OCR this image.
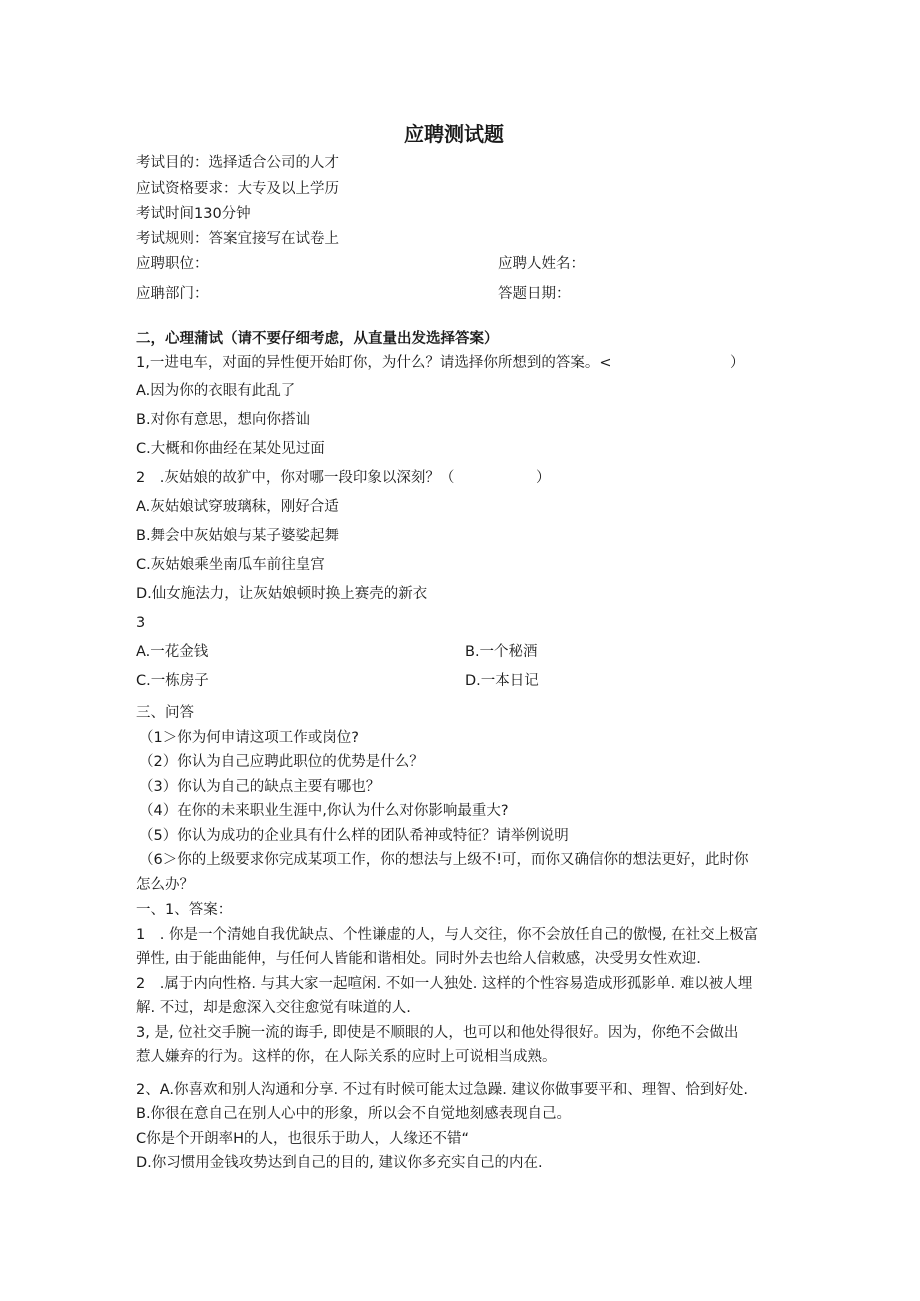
应聘测试题
考试目的：选择适合公司的人才
应试资格要求：大专及以上学历
考试时间130分钟
考试规则：答案宜接写在试卷上
应聘职位：	应聘人姓名：
应聃部门：	答题日期：
二，心理蒲试（请不要仔细考虑，从直量出发选择答案）
1,一进电车，对面的异性便开始盯你，为什么？请选择你所想到的答案。<	）
A.因为你的衣眼有此乱了
B.对你有意思，想向你搭讪
C.大概和你曲经在某处见过面
2　.灰姑娘的故犷中，你对哪一段印象以深刻？（	）
A.灰姑娘试穿玻璃秣，刚好合适
B.舞会中灰姑娘与某子婆娑起舞
C.灰姑娘乘坐南瓜车前往皇宫
D.仙女施法力，让灰姑娘顿时换上赛壳的新衣
3
A.一花金钱	B.一个秘酒
C.一栋房子	D.一本日记
三、问答
（1＞你为何申请这项工作或岗位?
（2）你认为自己应聘此职位的优势是什么？
（3）你认为自己的缺点主要有哪也？
（4）在你的未来职业生涯中,你认为什么对你影响最重大?
（5）你认为成功的企业具有什么样的团队希神或特征？请举例说明
（6＞你的上级要求你完成某项工作，你的想法与上级不!可，而你又确信你的想法更好，此时你
怎么办？
一、1、答案：
1　. 你是一个清她自我优缺点、个性谦虚的人，与人交往，你不会放任自己的傲慢, 在社交上极富
弹性, 由于能曲能伸，与任何人皆能和谐相处。同时外去也给人信敕感，决受男女性欢迎.
2　.属于内向性格. 与其大家一起喧闲. 不如一人独处. 这样的个性容易造成形孤影单. 难以被人埋
解. 不过，却是愈深入交往愈觉有味道的人.
3, 是, 位社交手腕一流的诲手, 即使是不顺眼的人，也可以和他处得很好。因为，你绝不会做出
惹人嫌弃的行为。这样的你，在人际关系的应时上可说相当成熟。
2、A.你喜欢和别人沟通和分享. 不过有时候可能太过急躁. 建议你做事要平和、理智、恰到好处.
B.你很在意自己在别人心中的形象，所以会不自觉地刻感表现自己。
C你是个开朗率H的人，也很乐于助人，人缘还不错“
D.你习惯用金钱攻势达到自己的目的, 建议你多充实自己的内在.
